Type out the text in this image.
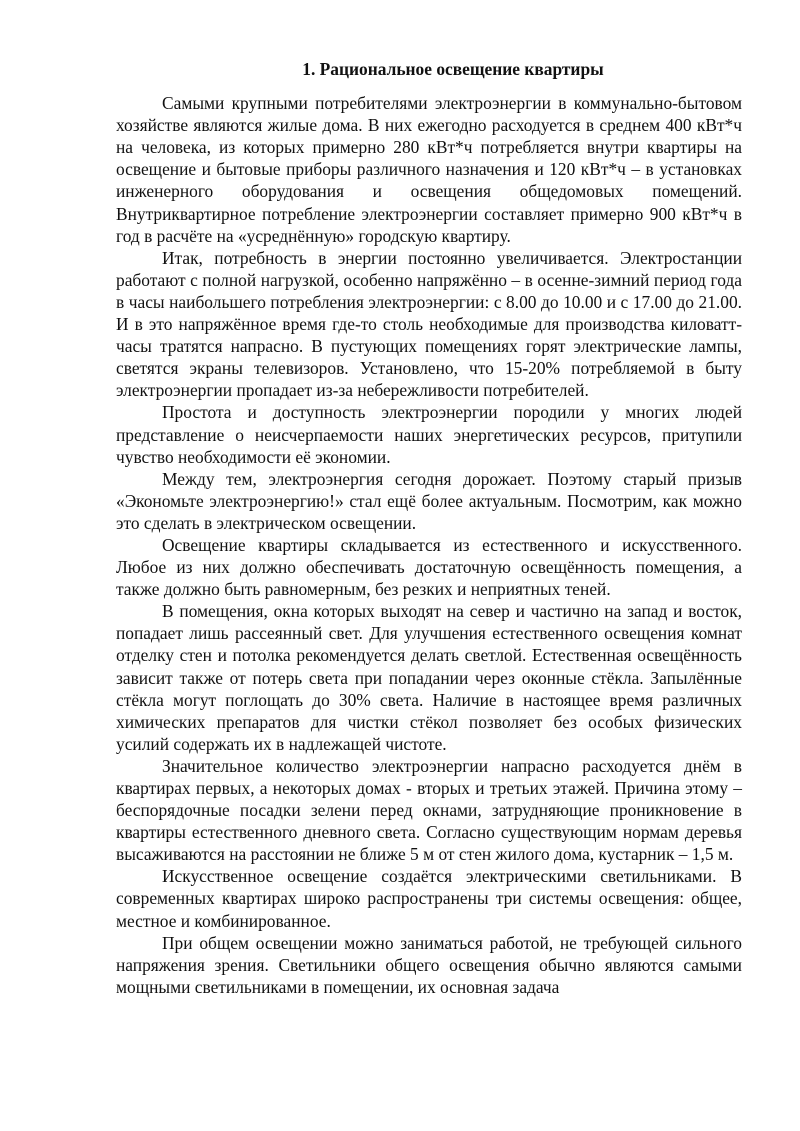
1. Рациональное освещение квартиры

Самыми крупными потребителями электроэнергии в коммунально-бытовом хозяйстве являются жилые дома. В них ежегодно расходуется в среднем 400 кВт*ч на человека, из которых примерно 280 кВт*ч потребляется внутри квартиры на освещение и бытовые приборы различного назначения и 120 кВт*ч – в установках инженерного оборудования и освещения общедомовых помещений. Внутриквартирное потребление электроэнергии составляет примерно 900 кВт*ч в год в расчёте на «усреднённую» городскую квартиру.

Итак, потребность в энергии постоянно увеличивается. Электростанции работают с полной нагрузкой, особенно напряжённо – в осенне-зимний период года в часы наибольшего потребления электроэнергии: с 8.00 до 10.00 и с 17.00 до 21.00. И в это напряжённое время где-то столь необходимые для производства киловатт-часы тратятся напрасно. В пустующих помещениях горят электрические лампы, светятся экраны телевизоров. Установлено, что 15-20% потребляемой в быту электроэнергии пропадает из-за небережливости потребителей.

Простота и доступность электроэнергии породили у многих людей представление о неисчерпаемости наших энергетических ресурсов, притупили чувство необходимости её экономии.

Между тем, электроэнергия сегодня дорожает. Поэтому старый призыв «Экономьте электроэнергию!» стал ещё более актуальным. Посмотрим, как можно это сделать в электрическом освещении.

Освещение квартиры складывается из естественного и искусственного. Любое из них должно обеспечивать достаточную освещённость помещения, а также должно быть равномерным, без резких и неприятных теней.

В помещения, окна которых выходят на север и частично на запад и восток, попадает лишь рассеянный свет. Для улучшения естественного освещения комнат отделку стен и потолка рекомендуется делать светлой. Естественная освещённость зависит также от потерь света при попадании через оконные стёкла. Запылённые стёкла могут поглощать до 30% света. Наличие в настоящее время различных химических препаратов для чистки стёкол позволяет без особых физических усилий содержать их в надлежащей чистоте.

Значительное количество электроэнергии напрасно расходуется днём в квартирах первых, а некоторых домах - вторых и третьих этажей. Причина этому – беспорядочные посадки зелени перед окнами, затрудняющие проникновение в квартиры естественного дневного света. Согласно существующим нормам деревья высаживаются на расстоянии не ближе 5 м от стен жилого дома, кустарник – 1,5 м.

Искусственное освещение создаётся электрическими светильниками. В современных квартирах широко распространены три системы освещения: общее, местное и комбинированное.

При общем освещении можно заниматься работой, не требующей сильного напряжения зрения. Светильники общего освещения обычно являются самыми мощными светильниками в помещении, их основная задача
